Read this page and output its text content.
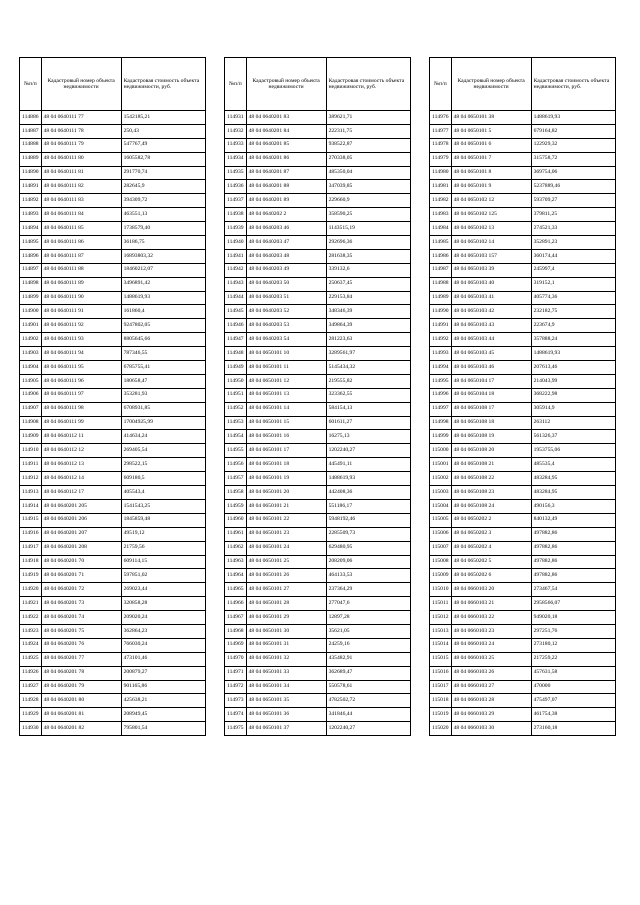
№п/п	Кадастровый номер объекта недвижимости	Кадастровая стоимость объекта недвижимости, руб.
114886	48 04 0640111 77	1542185,21
114887	48 04 0640111 78	250,43
114888	48 04 0640111 79	547767,49
114889	48 04 0640111 80	1605582,78
114890	48 04 0640111 81	291770,74
114891	48 04 0640111 82	282645,9
114892	48 04 0640111 83	394309,72
114893	48 04 0640111 84	463551,13
114894	48 04 0640111 85	1738579,40
114895	48 04 0640111 86	36186,75
114896	48 04 0640111 87	16893803,32
114897	48 04 0640111 88	18460212,07
114898	48 04 0640111 89	3496891,42
114899	48 04 0640111 90	1488619,93
114900	48 04 0640111 91	161860,4
114901	48 04 0640111 92	9247802,05
114902	48 04 0640111 93	8805645,66
114903	48 04 0640111 94	787346,55
114904	48 04 0640111 95	6785755,41
114905	48 04 0640111 96	180658,47
114906	48 04 0640111 97	353281,93
114907	48 04 0640111 98	6708931,85
114908	48 04 0640111 99	17004925,99
114909	48 04 0640112 11	414634,24
114910	48 04 0640112 12	269405,54
114911	48 04 0640112 13	298522,15
114912	48 04 0640112 14	609180,5
114913	48 04 0640112 17	405543,4
114914	48 04 0640201 205	1541543,25
114915	48 04 0640201 206	1845859,48
114916	48 04 0640201 207	49519,12
114917	48 04 0640201 208	21759,56
114918	48 04 0640201 70	609114,15
114919	48 04 0640201 71	597851,02
114920	48 04 0640201 72	269023,44
114921	48 04 0640201 73	320858,28
114922	48 04 0640201 74	209020,24
114923	48 04 0640201 75	362864,23
114924	48 04 0640201 76	766030,24
114925	48 04 0640201 77	473101,46
114926	48 04 0640201 78	200879,27
114927	48 04 0640201 79	901165,86
114928	48 04 0640201 80	425638,21
114929	48 04 0640201 81	208949,45
114930	48 04 0640201 82	795801,54
№п/п	Кадастровый номер объекта недвижимости	Кадастровая стоимость объекта недвижимости, руб.
114931	48 04 0640201 83	389621,71
114932	48 04 0640201 84	222311,75
114933	48 04 0640201 85	938522,87
114934	48 04 0640201 86	270338,05
114935	48 04 0640201 87	485350,04
114936	48 04 0640201 88	347039,85
114937	48 04 0640201 89	229660,9
114938	48 04 0640202 2	358590,25
114939	48 04 0640203 46	1143515,19
114940	48 04 0640203 47	292696,36
114941	48 04 0640203 48	281638,35
114942	48 04 0640203 49	339132,6
114943	48 04 0640203 50	250637,45
114944	48 04 0640203 51	229153,84
114945	48 04 0640203 52	348346,39
114946	48 04 0640203 53	349864,39
114947	48 04 0640203 54	281223,63
114948	48 04 0650101 10	3289561,97
114949	48 04 0650101 11	5145434,32
114950	48 04 0650101 12	219555,82
114951	48 04 0650101 13	323362,55
114952	48 04 0650101 14	584154,13
114953	48 04 0650101 15	601611,27
114954	48 04 0650101 16	16275,13
114955	48 04 0650101 17	1202240,27
114956	48 04 0650101 18	445491,11
114957	48 04 0650101 19	1488619,93
114958	48 04 0650101 20	442408,36
114959	48 04 0650101 21	551186,17
114960	48 04 0650101 22	5948192,46
114961	48 04 0650101 23	2285509,73
114962	48 04 0650101 24	629480,95
114963	48 04 0650101 25	208209,06
114964	48 04 0650101 26	464133,53
114965	48 04 0650101 27	237364,29
114966	48 04 0650101 28	277047,6
114967	48 04 0650101 29	12897,28
114968	48 04 0650101 30	35621,05
114969	48 04 0650101 31	24259,16
114970	48 04 0650101 32	435482,91
114971	48 04 0650101 33	362689,47
114972	48 04 0650101 34	550578,61
114973	48 04 0650101 35	4782502,72
114974	48 04 0650101 36	341846,44
114975	48 04 0650101 37	1202240,27
№п/п	Кадастровый номер объекта недвижимости	Кадастровая стоимость объекта недвижимости, руб.
114976	48 04 0650101 38	1488619,93
114977	48 04 0650101 5	679164,82
114978	48 04 0650101 6	122929,32
114979	48 04 0650101 7	315758,72
114980	48 04 0650101 8	369754,06
114981	48 04 0650101 9	5237889,46
114982	48 04 0650102 12	593709,27
114983	48 04 0650102 125	379811,25
114984	48 04 0650102 13	274521,33
114985	48 04 0650102 14	352891,23
114986	48 04 0650103 157	360174,44
114987	48 04 0650103 39	245997,4
114988	48 04 0650103 40	319152,1
114989	48 04 0650103 41	405774,36
114990	48 04 0650103 42	232182,75
114991	48 04 0650103 43	223674,9
114992	48 04 0650103 44	357888,24
114993	48 04 0650103 45	1488619,93
114994	48 04 0650103 46	207613,46
114995	48 04 0650104 17	214043,99
114996	48 04 0650104 18	368222,98
114997	48 04 0650108 17	305914,9
114998	48 04 0650108 18	263112
114999	48 04 0650108 19	561326,37
115000	48 04 0650108 20	1953755,06
115001	48 04 0650108 21	485535,4
115002	48 04 0650108 22	483284,95
115003	48 04 0650108 23	483284,95
115004	48 04 0650108 24	490156,3
115005	48 04 0650202 2	840132,49
115006	48 04 0650202 3	497882,86
115007	48 04 0650202 4	497882,86
115008	48 04 0650202 5	497882,86
115009	48 04 0650202 6	497882,86
115010	48 04 0660103 20	273467,54
115011	48 04 0660103 21	2958566,07
115012	48 04 0660103 22	949020,18
115013	48 04 0660103 23	297251,76
115014	48 04 0660103 24	273180,12
115015	48 04 0660103 25	217259,22
115016	48 04 0660103 26	457631,58
115017	48 04 0660103 27	470000
115018	48 04 0660103 28	475497,07
115019	48 04 0660103 29	461754,38
115020	48 04 0660103 30	273160,18
